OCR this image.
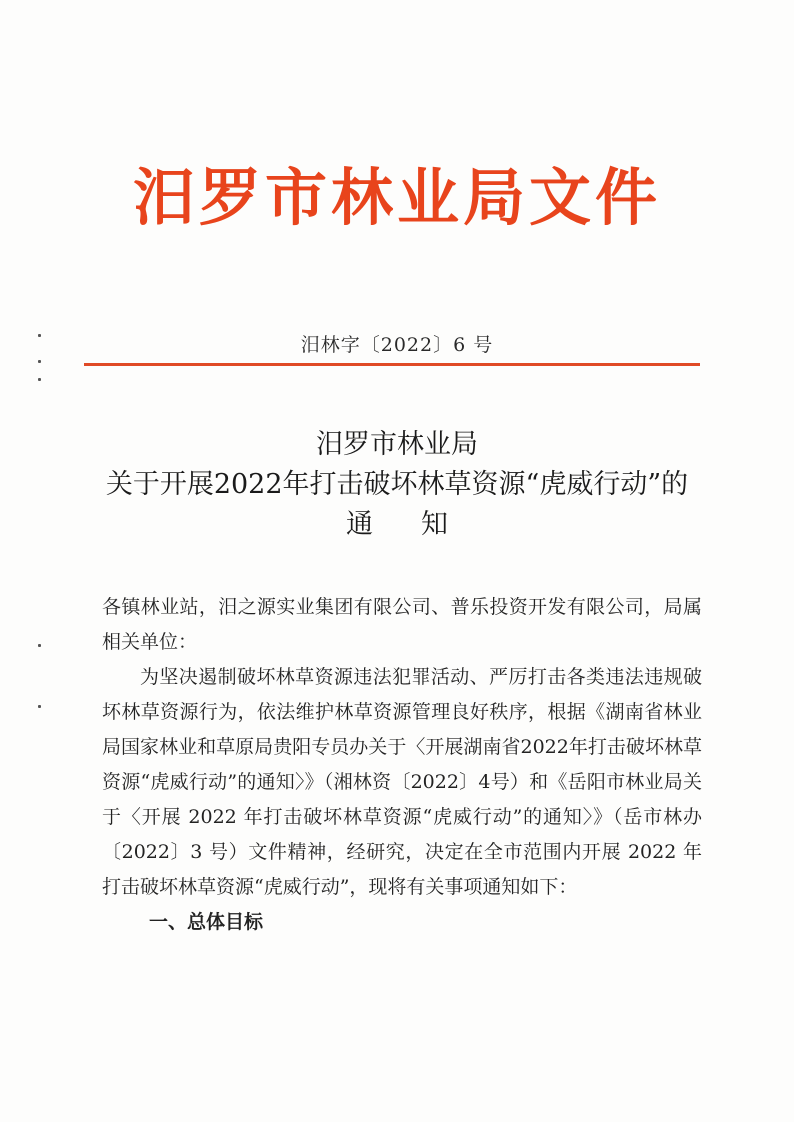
汨罗市林业局文件
汨林字〔2022〕6 号
汨罗市林业局
关于开展2022年打击破坏林草资源“虎威行动”的
通知

各镇林业站，汨之源实业集团有限公司、普乐投资开发有限公司，局属相关单位：

为坚决遏制破坏林草资源违法犯罪活动、严厉打击各类违法违规破坏林草资源行为，依法维护林草资源管理良好秩序，根据《湖南省林业局国家林业和草原局贵阳专员办关于〈开展湖南省2022年打击破坏林草资源“虎威行动”的通知〉》（湘林资〔2022〕4号）和《岳阳市林业局关于〈开展 2022 年打击破坏林草资源“虎威行动”的通知〉》（岳市林办〔2022〕3 号）文件精神，经研究，决定在全市范围内开展 2022 年打击破坏林草资源“虎威行动”，现将有关事项通知如下：

一、总体目标
